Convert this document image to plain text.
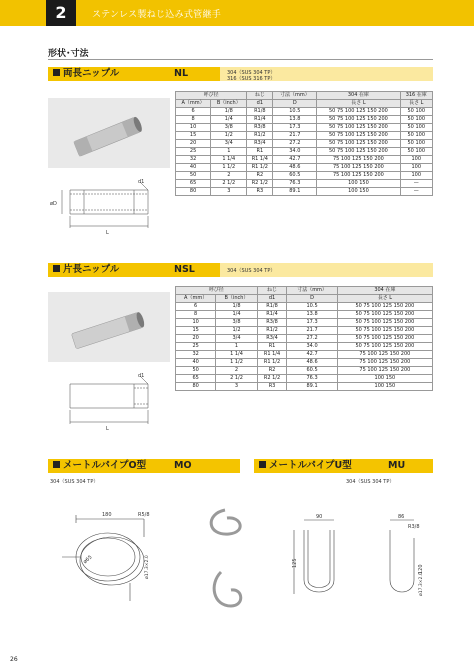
2	ステンレス製ねじ込み式管継手
形状･寸法
両長ニップル	NL	304（SUS 304 TP）
316（SUS 316 TP）
L
d1
øD
呼び径		ねじ	寸法（mm）	304 在庫	316 在庫
A（mm）	B（inch）	d1	D	長さ L	長さ L
6	1/8	R1/8	10.5	50 75 100 125 150 200	50 100
8	1/4	R1/4	13.8	50 75 100 125 150 200	50 100
10	3/8	R3/8	17.3	50 75 100 125 150 200	50 100
15	1/2	R1/2	21.7	50 75 100 125 150 200	50 100
20	3/4	R3/4	27.2	50 75 100 125 150 200	50 100
25	1	R1	34.0	50 75 100 125 150 200	50 100
32	1 1/4	R1 1/4	42.7	75 100 125 150 200	100
40	1 1/2	R1 1/2	48.6	75 100 125 150 200	100
50	2	R2	60.5	75 100 125 150 200	100
65	2 1/2	R2 1/2	76.3	100 150	—
80	3	R3	89.1	100 150	—
片長ニップル	NSL	304（SUS 304 TP）
L
d1
呼び径		ねじ	寸法（mm）	304 在庫
A（mm）	B（inch）	d1	D	長さ L
6	1/8	R1/8	10.5	50 75 100 125 150 200
8	1/4	R1/4	13.8	50 75 100 125 150 200
10	3/8	R3/8	17.3	50 75 100 125 150 200
15	1/2	R1/2	21.7	50 75 100 125 150 200
20	3/4	R3/4	27.2	50 75 100 125 150 200
25	1	R1	34.0	50 75 100 125 150 200
32	1 1/4	R1 1/4	42.7	75 100 125 150 200
40	1 1/2	R1 1/2	48.6	75 100 125 150 200
50	2	R2	60.5	75 100 125 150 200
65	2 1/2	R2 1/2	76.3	100 150
80	3	R3	89.1	100 150
メートルパイプO型	MO	メートルパイプU型	MU
304（SUS 304 TP）	304（SUS 304 TP）
180	R5/8
ø65	ø17.3×2.0
90	86
R3/8
125
120
ø17.3×2.0
26
